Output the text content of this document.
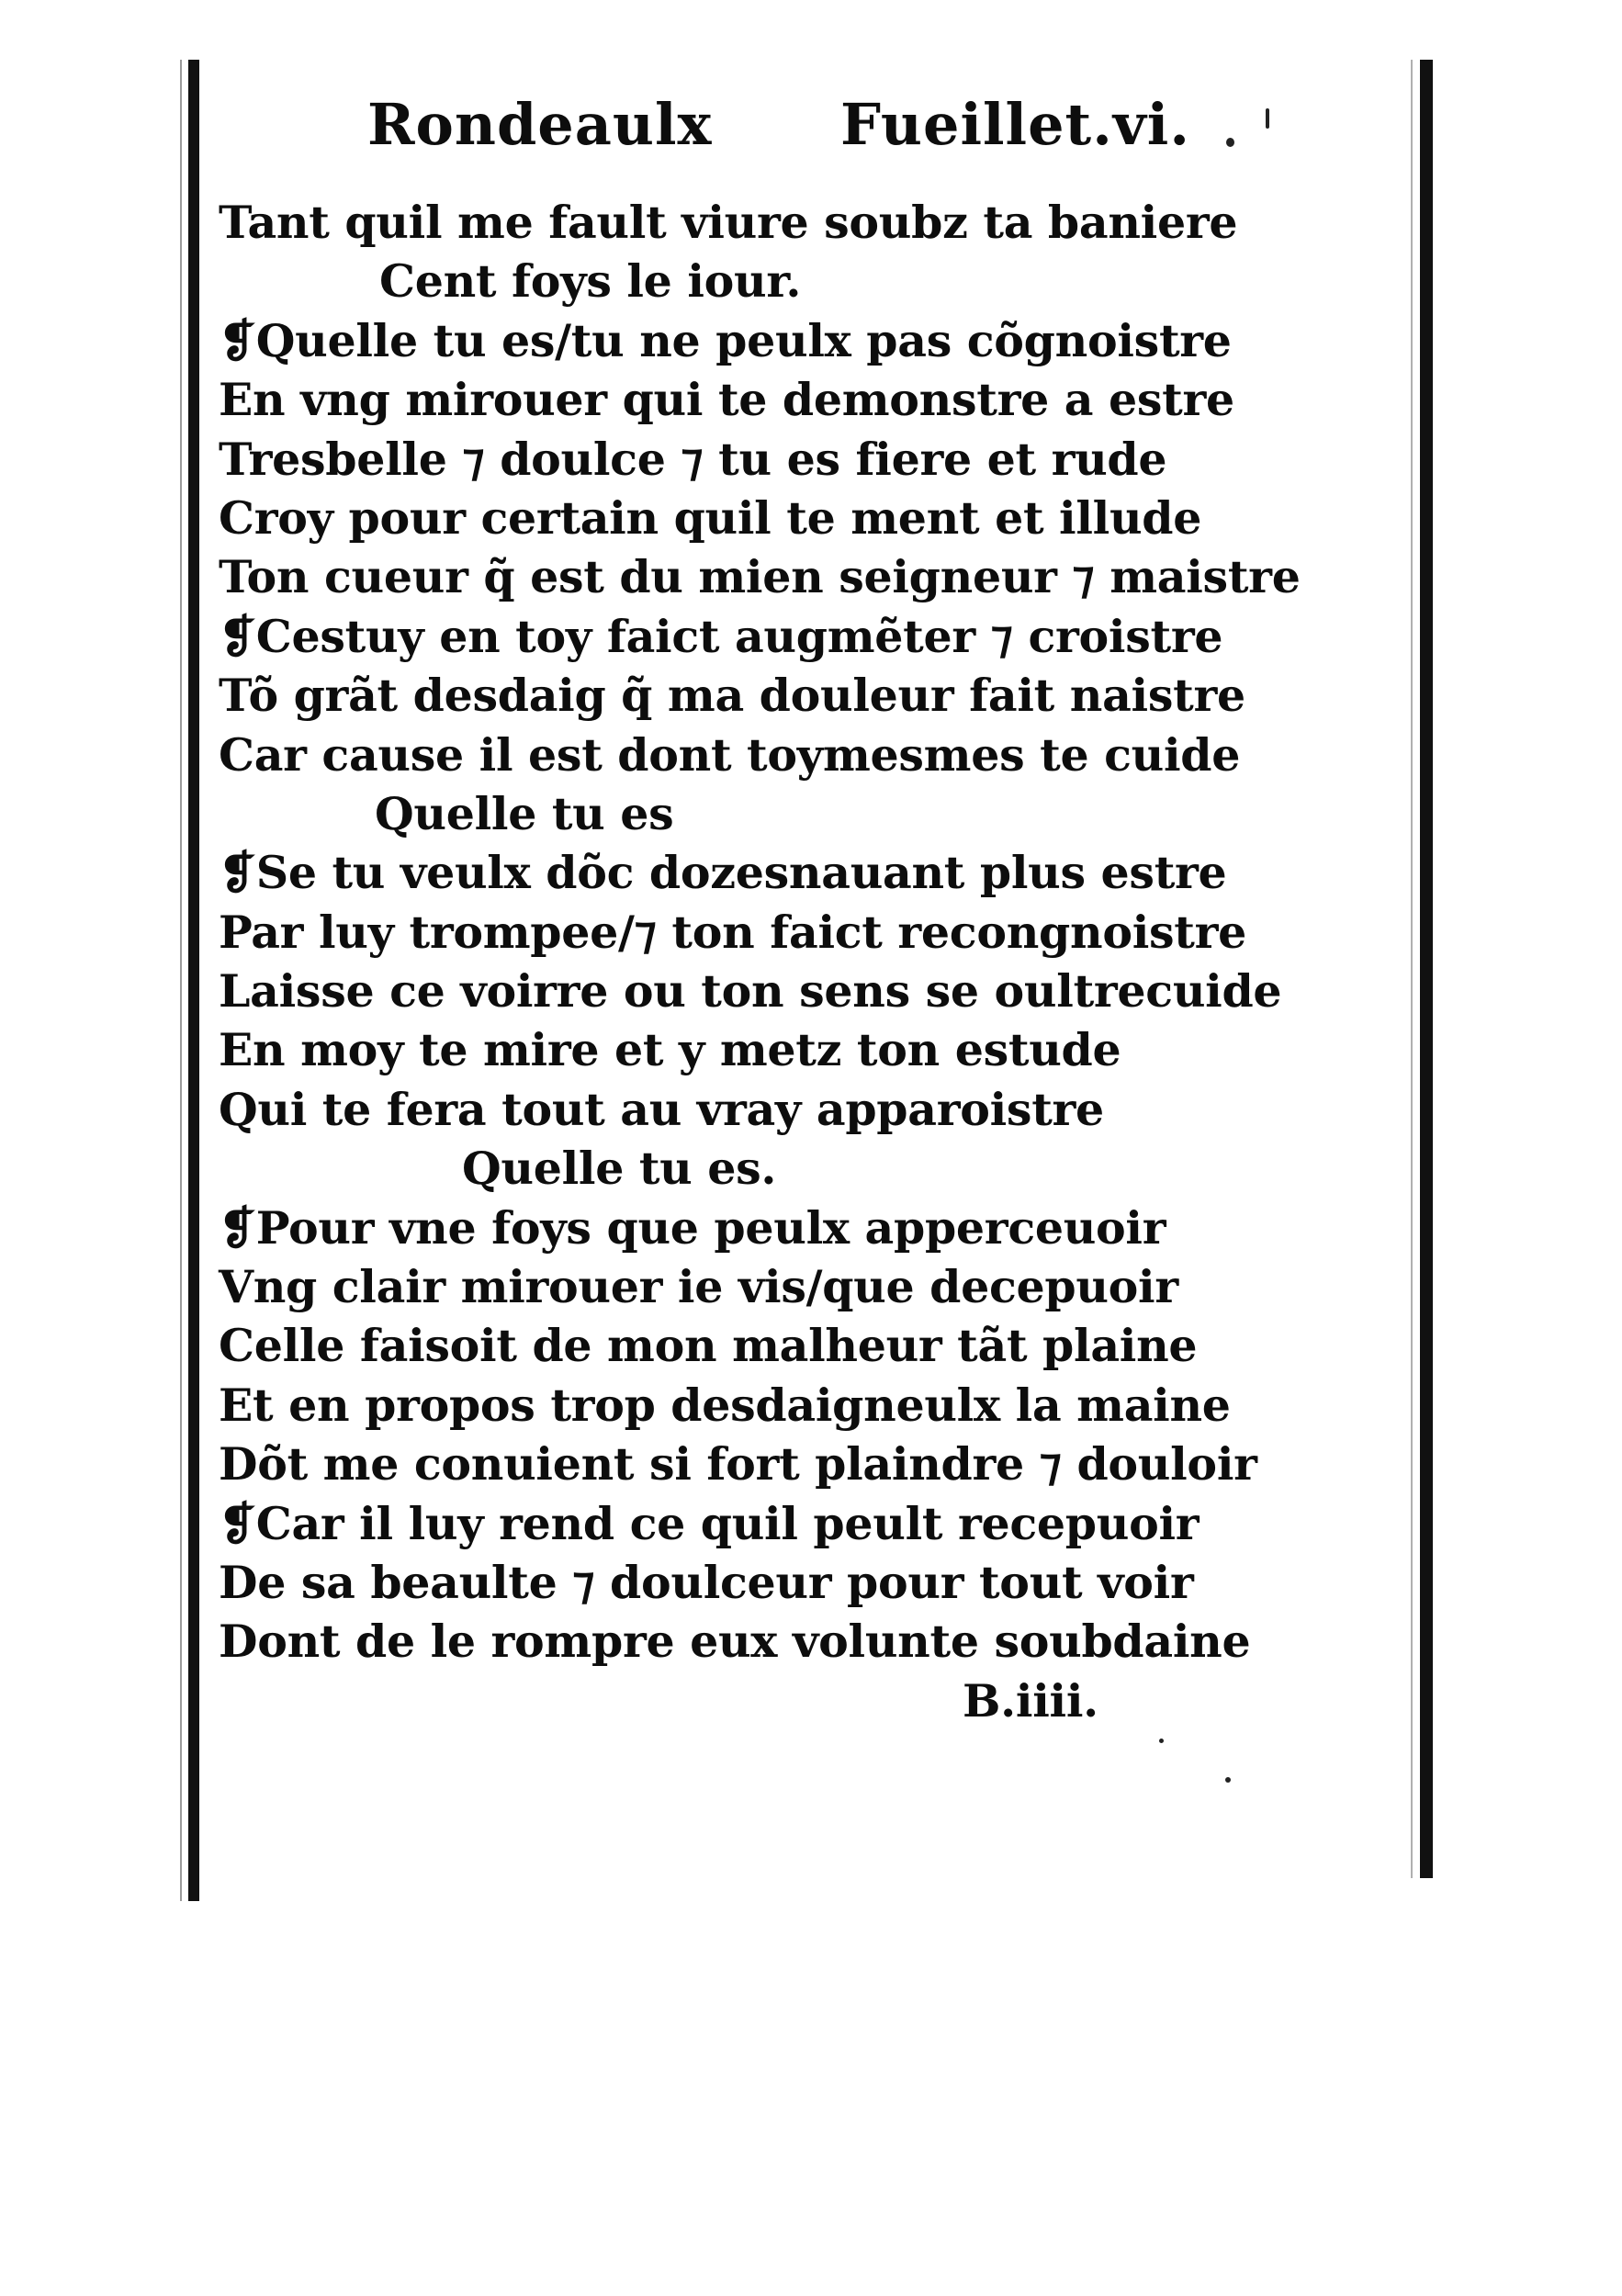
Rondeaulx Fueillet.vi.
Tant quil me fault viure soubz ta baniere
Cent foys le iour.
❡Quelle tu es/tu ne peulx pas cõgnoistre
En vng mirouer qui te demonstre a estre
Tresbelle ⁊ doulce ⁊ tu es fiere et rude
Croy pour certain quil te ment et illude
Ton cueur q̃ est du mien seigneur ⁊ maistre
❡Cestuy en toy faict augmẽter ⁊ croistre
Tõ grãt desdaig q̃ ma douleur fait naistre
Car cause il est dont toymesmes te cuide
Quelle tu es
❡Se tu veulx dõc dozesnauant plus estre
Par luy trompee/⁊ ton faict recongnoistre
Laisse ce voirre ou ton sens se oultrecuide
En moy te mire et y metz ton estude
Qui te fera tout au vray apparoistre
Quelle tu es.
❡Pour vne foys que peulx apperceuoir
Vng clair mirouer ie vis/que decepuoir
Celle faisoit de mon malheur tãt plaine
Et en propos trop desdaigneulx la maine
Dõt me conuient si fort plaindre ⁊ douloir
❡Car il luy rend ce quil peult recepuoir
De sa beaulte ⁊ doulceur pour tout voir
Dont de le rompre eux volunte soubdaine
B.iiii.
